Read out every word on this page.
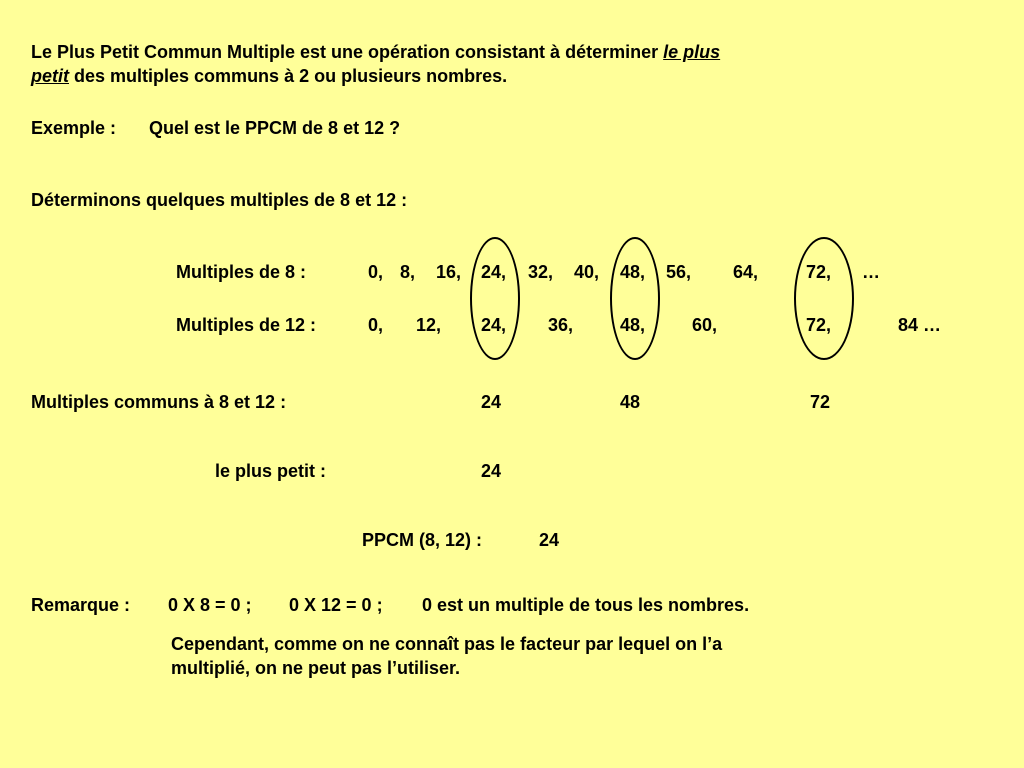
Le Plus Petit Commun Multiple est une opération consistant à déterminer le plus
petit des multiples communs à 2 ou plusieurs nombres.
Exemple : Quel est le PPCM de 8 et 12 ?
Déterminons quelques multiples de 8 et 12 :
Multiples de 8 :	0, 8, 16, 24, 32, 40, 48, 56, 64,	72, …
Multiples de 12 :	0, 12, 24, 36,	48,	60,	72,	84 …
Multiples communs à 8 et 12 :	24	48	72
le plus petit :	24
PPCM (8, 12) :	24
Remarque : 0 X 8 = 0 ; 0 X 12 = 0 ; 0 est un multiple de tous les nombres.
Cependant, comme on ne connaît pas le facteur par lequel on l’a
multiplié, on ne peut pas l’utiliser.
